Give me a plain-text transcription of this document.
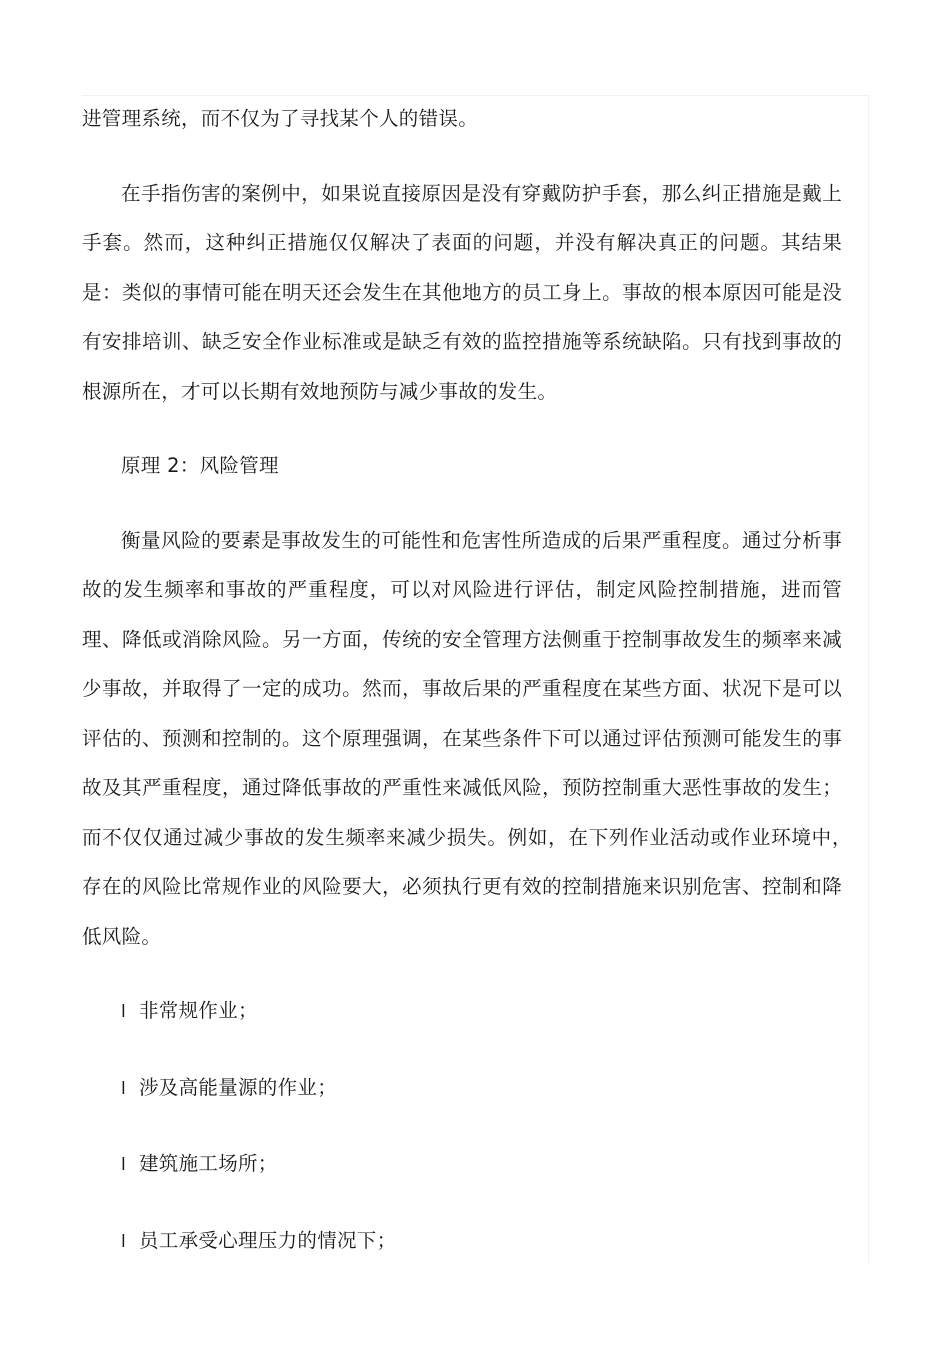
进管理系统，而不仅为了寻找某个人的错误。

在手指伤害的案例中，如果说直接原因是没有穿戴防护手套，那么纠正措施是戴上手套。然而，这种纠正措施仅仅解决了表面的问题，并没有解决真正的问题。其结果是：类似的事情可能在明天还会发生在其他地方的员工身上。事故的根本原因可能是没有安排培训、缺乏安全作业标准或是缺乏有效的监控措施等系统缺陷。只有找到事故的根源所在，才可以长期有效地预防与减少事故的发生。

原理 2：风险管理

衡量风险的要素是事故发生的可能性和危害性所造成的后果严重程度。通过分析事故的发生频率和事故的严重程度，可以对风险进行评估，制定风险控制措施，进而管理、降低或消除风险。另一方面，传统的安全管理方法侧重于控制事故发生的频率来减少事故，并取得了一定的成功。然而，事故后果的严重程度在某些方面、状况下是可以评估的、预测和控制的。这个原理强调，在某些条件下可以通过评估预测可能发生的事故及其严重程度，通过降低事故的严重性来减低风险，预防控制重大恶性事故的发生；而不仅仅通过减少事故的发生频率来减少损失。例如，在下列作业活动或作业环境中，　存在的风险比常规作业的风险要大，必须执行更有效的控制措施来识别危害、控制和降低风险。

l 非常规作业；
l 涉及高能量源的作业；
l 建筑施工场所；
l 员工承受心理压力的情况下；
